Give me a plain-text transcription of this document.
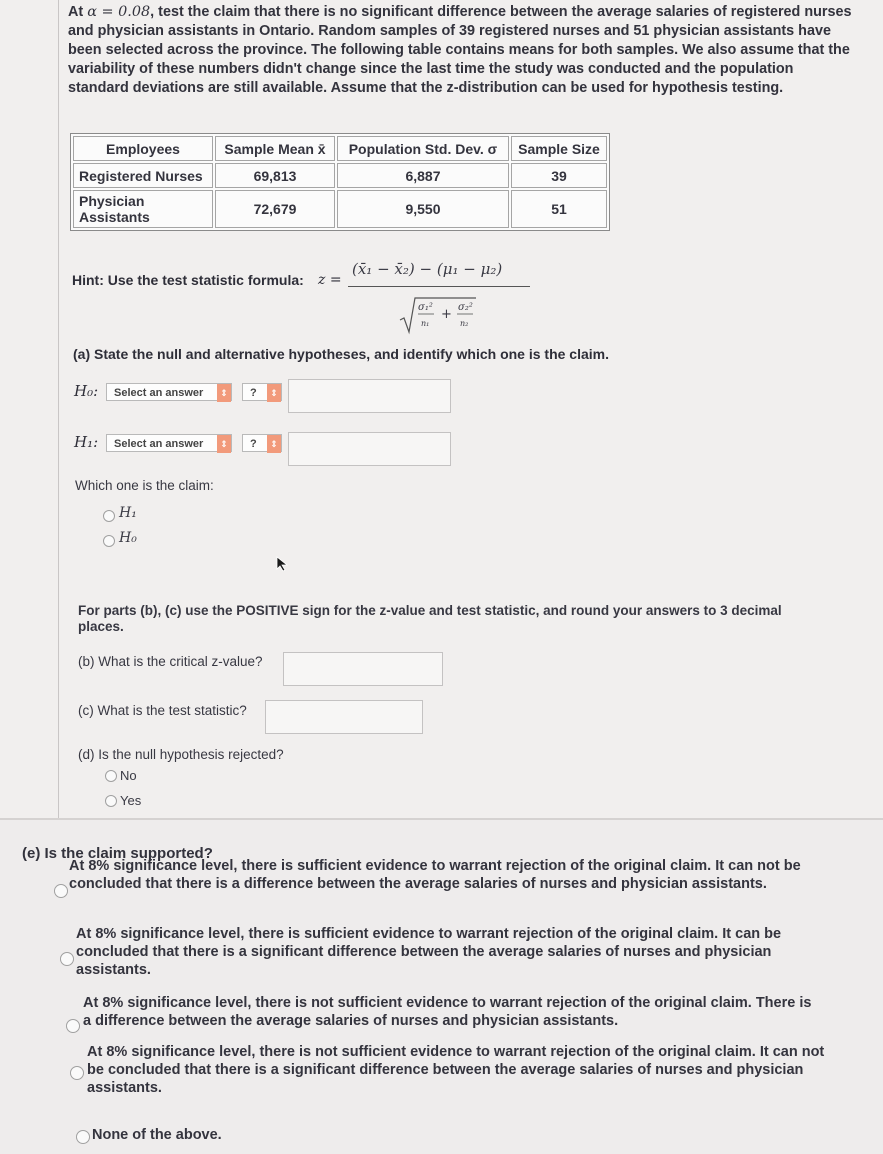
At α = 0.08, test the claim that there is no significant difference between the average salaries of registered nurses and physician assistants in Ontario. Random samples of 39 registered nurses and 51 physician assistants have been selected across the province. The following table contains means for both samples. We also assume that the variability of these numbers didn't change since the last time the study was conducted and the population standard deviations are still available. Assume that the z-distribution can be used for hypothesis testing.
Employees	Sample Mean x̄	Population Std. Dev. σ	Sample Size
Registered Nurses	69,813	6,887	39
Physician Assistants	72,679	9,550	51
Hint: Use the test statistic formula: z =
(x̄₁ − x̄₂) − (μ₁ − μ₂)
σ₁²
n₁
+ σ₂²
n₂
(a) State the null and alternative hypotheses, and identify which one is the claim.
H₀:	Select an answer	⇕	?	⇕
H₁:	Select an answer	⇕	?	⇕
Which one is the claim:
H₁
H₀
For parts (b), (c) use the POSITIVE sign for the z-value and test statistic, and round your answers to 3 decimal places.
(b) What is the critical z-value?
(c) What is the test statistic?
(d) Is the null hypothesis rejected?
No
Yes
(e) Is the claim supported?
At 8% significance level, there is sufficient evidence to warrant rejection of the original claim. It can not be concluded that there is a difference between the average salaries of nurses and physician assistants.
At 8% significance level, there is sufficient evidence to warrant rejection of the original claim. It can be concluded that there is a significant difference between the average salaries of nurses and physician assistants.
At 8% significance level, there is not sufficient evidence to warrant rejection of the original claim. There is a difference between the average salaries of nurses and physician assistants.
At 8% significance level, there is not sufficient evidence to warrant rejection of the original claim. It can not be concluded that there is a significant difference between the average salaries of nurses and physician assistants.
None of the above.
